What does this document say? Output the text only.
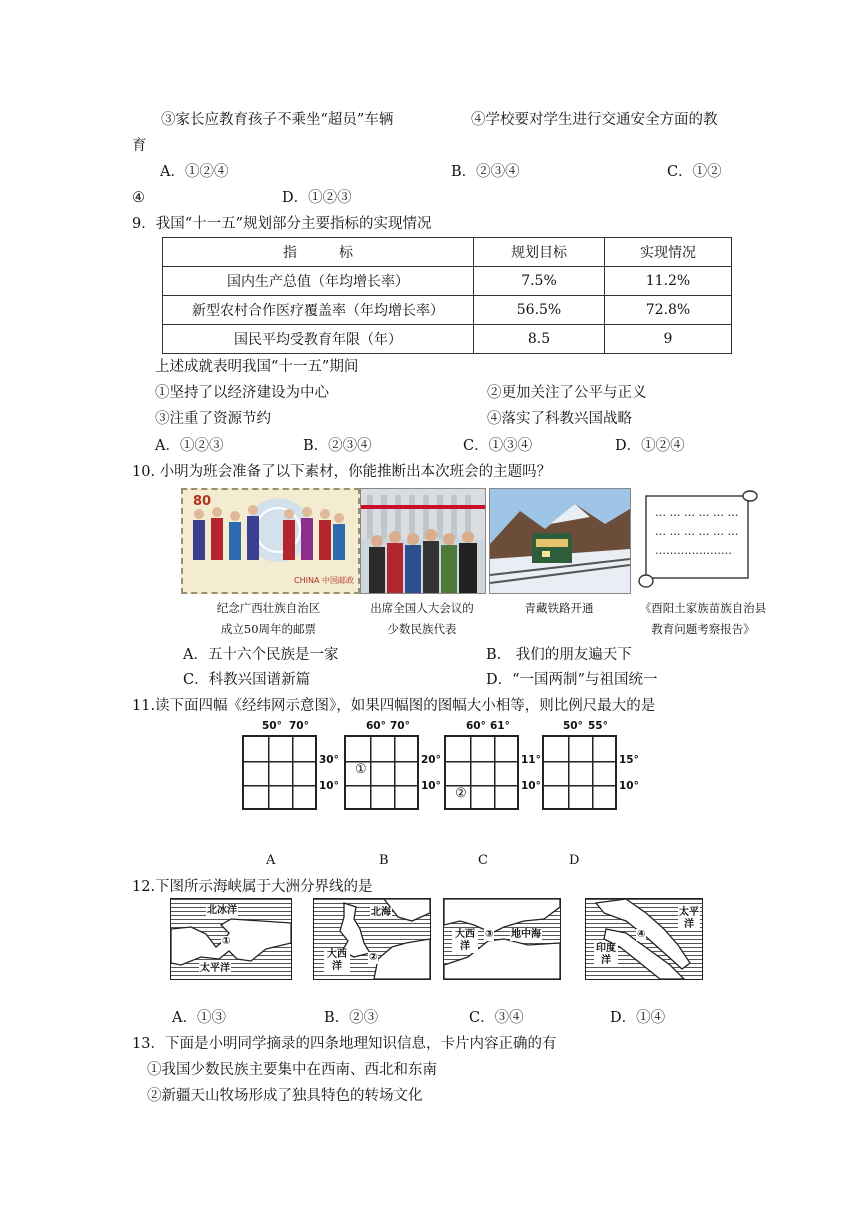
③家长应教育孩子不乘坐“超员”车辆	④学校要对学生进行交通安全方面的教
育
A．①②④	B．②③④	C．①②
④	D．①②③
9．我国“十一五”规划部分主要指标的实现情况
指　　　标	规划目标	实现情况
国内生产总值（年均增长率）	7.5%	11.2%
新型农村合作医疗覆盖率（年均增长率）	56.5%	72.8%
国民平均受教育年限（年）	8.5	9
上述成就表明我国“十一五”期间
①坚持了以经济建设为中心	②更加关注了公平与正义
③注重了资源节约	④落实了科教兴国战略
A．①②③	B．②③④	C．①③④	D．①②④
10. 小明为班会准备了以下素材，你能推断出本次班会的主题吗？
80
CHINA 中国邮政
… … … … … …
… … … … … …
…………………
纪念广西壮族自治区
成立50周年的邮票
出席全国人大会议的
少数民族代表
青藏铁路开通	《酉阳土家族苗族自治县
教育问题考察报告》
A．五十六个民族是一家	B.　我们的朋友遍天下
C．科教兴国谱新篇	D．“一国两制”与祖国统一
11.读下面四幅《经纬网示意图》，如果四幅图的图幅大小相等，则比例尺最大的是
50° 70°
30°
10°
60° 70°
①
20°
10°
60° 61°
②
11°
10°
50° 55°
15°
10°
A	B	C	D
12.下图所示海峡属于大洲分界线的是
北冰洋
①
太平洋
北海
大西洋
②
大西洋
③ 地中海	④
太平洋
印度洋
A．①③	B．②③	C．③④	D．①④
13．下面是小明同学摘录的四条地理知识信息，卡片内容正确的有
①我国少数民族主要集中在西南、西北和东南
②新疆天山牧场形成了独具特色的转场文化
